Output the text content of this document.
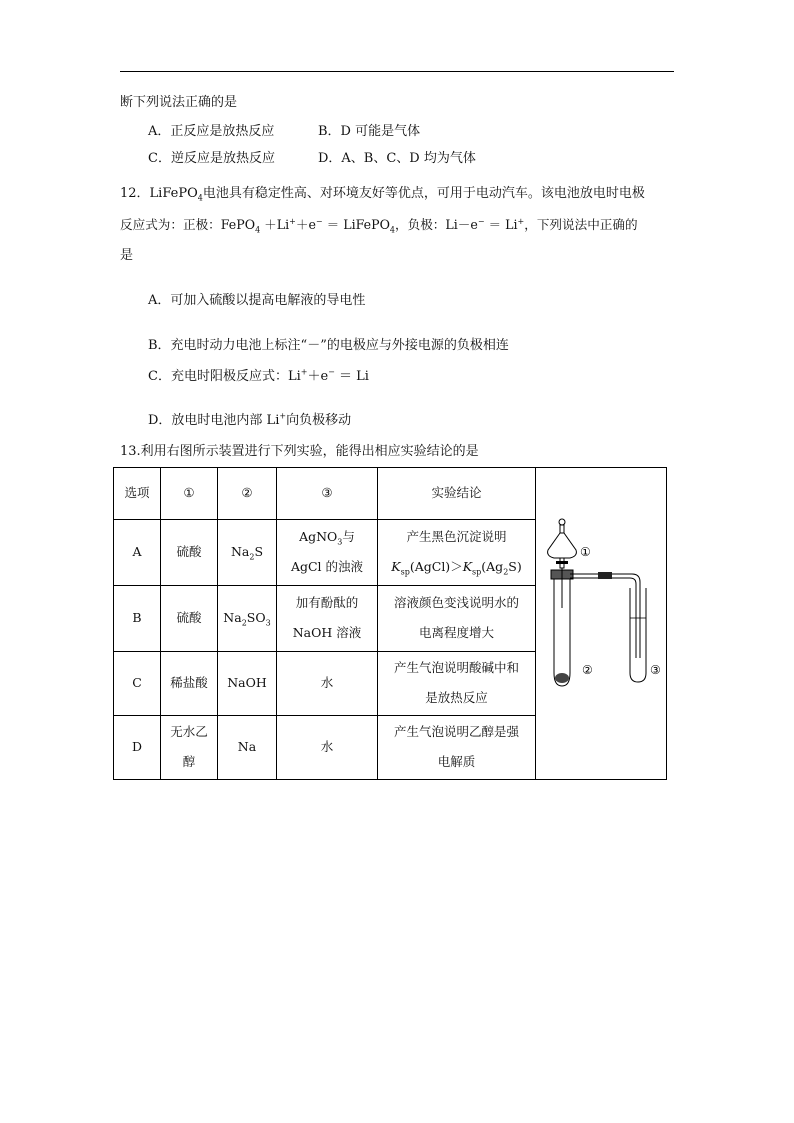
断下列说法正确的是
A．正反应是放热反应	B．D 可能是气体
C．逆反应是放热反应	D．A、B、C、D 均为气体
12．LiFePO$_4$电池具有稳定性高、对环境友好等优点，可用于电动汽车。该电池放电时电极
反应式为：正极：FePO$_4$ ＋Li+＋e− ＝ LiFePO$_4$，负极：Li－e− ＝ Li+，下列说法中正确的
是
A．可加入硫酸以提高电解液的导电性
B．充电时动力电池上标注“－”的电极应与外接电源的负极相连
C．充电时阳极反应式：Li+＋e− ＝ Li
D．放电时电池内部 Li+向负极移动
13.利用右图所示装置进行下列实验，能得出相应实验结论的是
选项	①	②	③	实验结论	①
② ③

A	硫酸	$Na_2S$	AgNO$_3$与
AgCl 的浊液	产生黑色沉淀说明
$K_{sp}(AgCl)>K_{sp}(Ag_2S)$	

B	硫酸	$Na_2SO_3$	加有酚酞的
NaOH 溶液	溶液颜色变浅说明水的
电离程度增大	

C	稀盐酸	NaOH	水	产生气泡说明酸碱中和
是放热反应	

D	无水乙
醇	Na	水	产生气泡说明乙醇是强
电解质	
